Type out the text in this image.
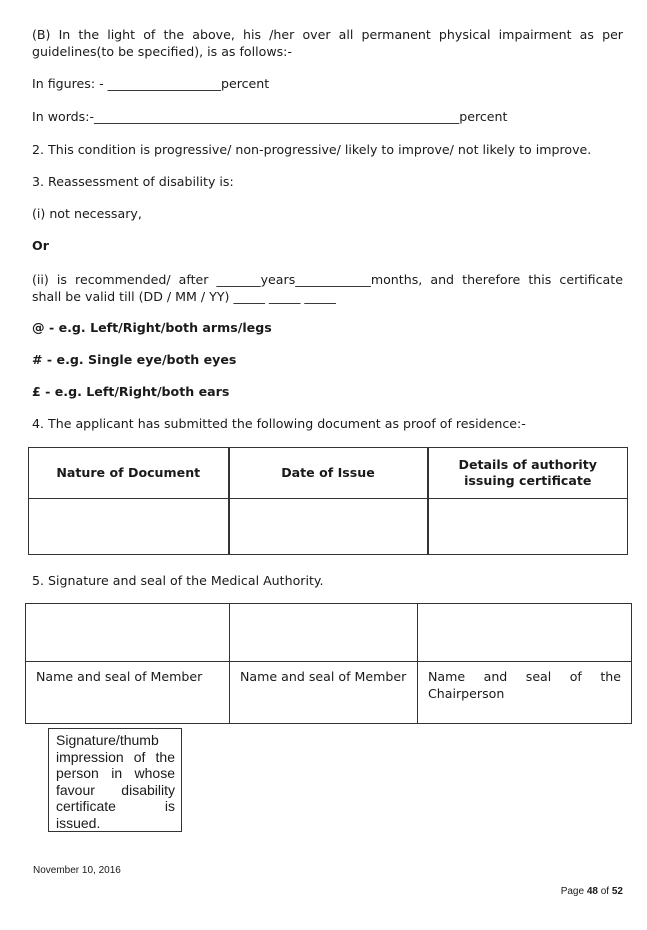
(B) In the light of the above, his /her over all permanent physical impairment as per guidelines(to be specified), is as follows:-

In figures: - __________________percent
In words:-__________________________________________________________percent
2. This condition is progressive/ non-progressive/ likely to improve/ not likely to improve.
3. Reassessment of disability is:
(i) not necessary,
Or
(ii) is recommended/ after _______years____________months, and therefore this certificate
shall be valid till (DD / MM / YY) _____ _____ _____
@ - e.g. Left/Right/both arms/legs
# - e.g. Single eye/both eyes
£ - e.g. Left/Right/both ears
4. The applicant has submitted the following document as proof of residence:-
Nature of Document	Date of Issue	Details of authority issuing certificate

5. Signature and seal of the Medical Authority.

Name and seal of Member	Name and seal of Member	Name and seal of the Chairperson
Signature/thumb impression of the person in whose favour disability certificate is issued.
November 10, 2016
Page 48 of 52
